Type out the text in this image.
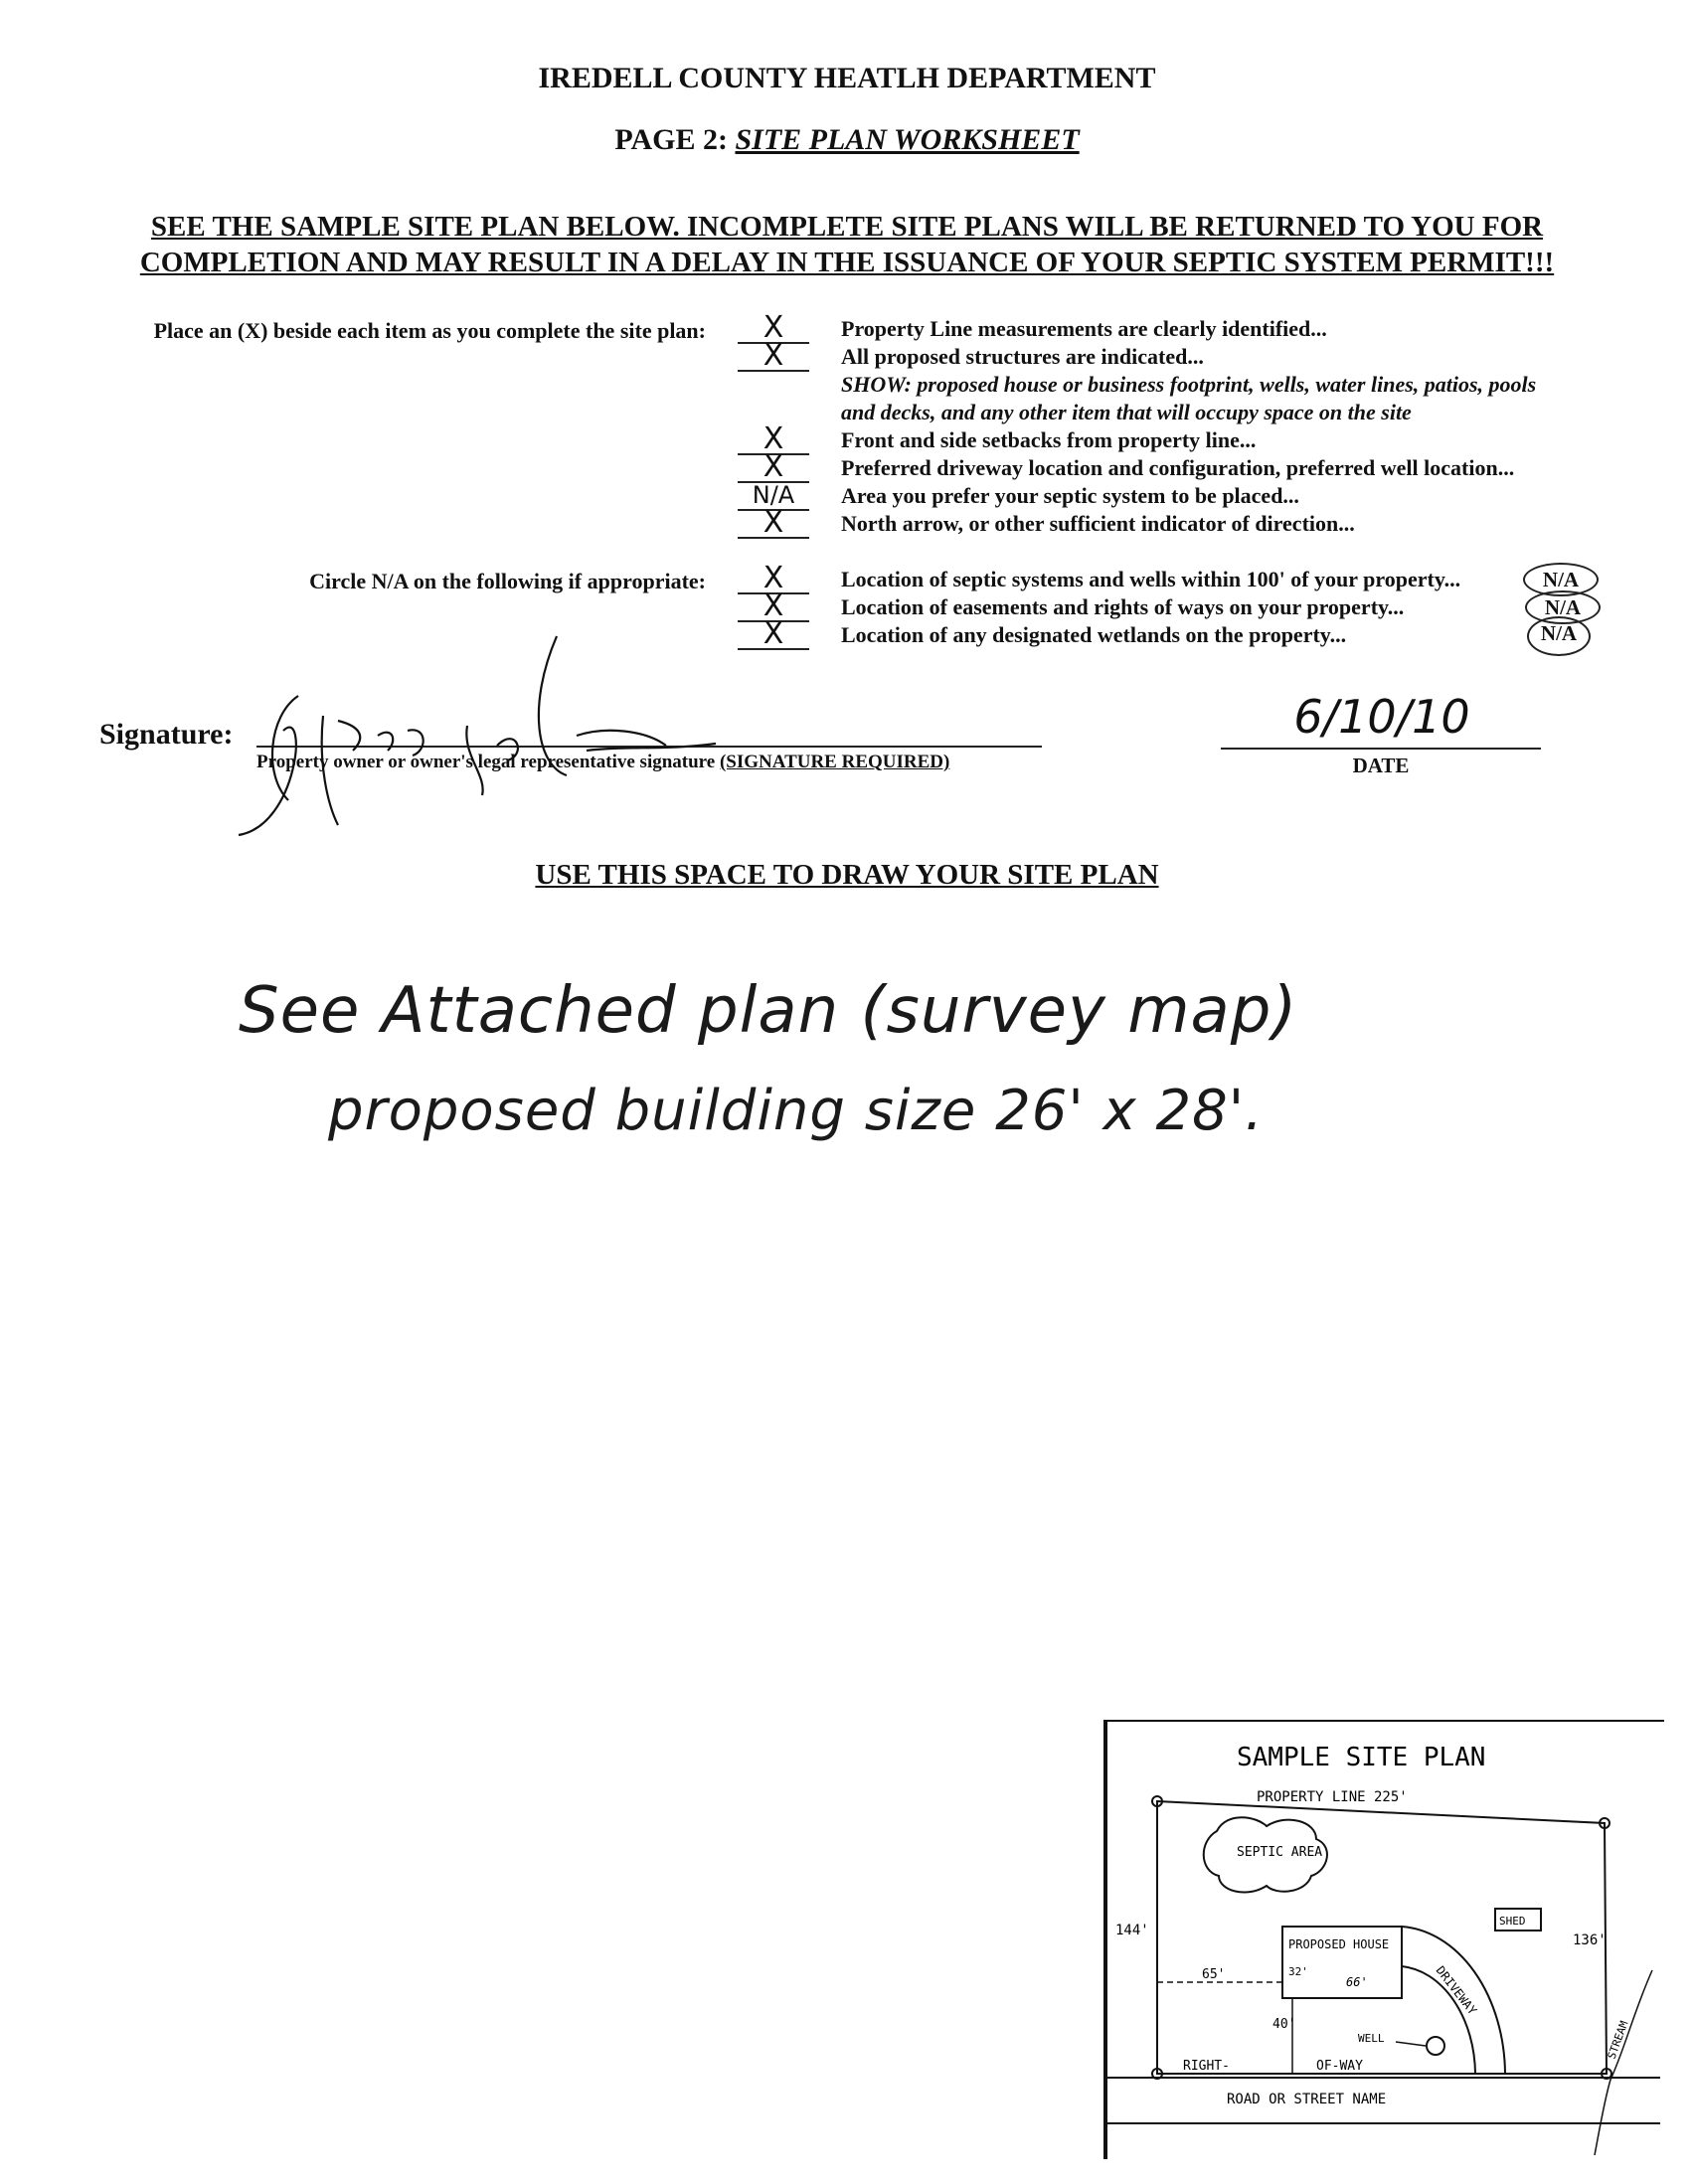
IREDELL COUNTY HEATLH DEPARTMENT
PAGE 2: SITE PLAN WORKSHEET
SEE THE SAMPLE SITE PLAN BELOW. INCOMPLETE SITE PLANS WILL BE RETURNED TO YOU FOR
COMPLETION AND MAY RESULT IN A DELAY IN THE ISSUANCE OF YOUR SEPTIC SYSTEM PERMIT!!!
Place an (X) beside each item as you complete the site plan:	X	Property Line measurements are clearly identified...
X	All proposed structures are indicated...
SHOW: proposed house or business footprint, wells, water lines, patios, pools
and decks, and any other item that will occupy space on the site
X	Front and side setbacks from property line...
X	Preferred driveway location and configuration, preferred well location...
N/A	Area you prefer your septic system to be placed...
X	North arrow, or other sufficient indicator of direction...
Circle N/A on the following if appropriate:	X	Location of septic systems and wells within 100' of your property...	N/A
X	Location of easements and rights of ways on your property...	N/A
X	Location of any designated wetlands on the property...	N/A
Signature:
Property owner or owner's legal representative signature (SIGNATURE REQUIRED)
6/10/10
DATE
USE THIS SPACE TO DRAW YOUR SITE PLAN
See Attached plan (survey map)
proposed building size 26' x 28'.
SAMPLE SITE PLAN
PROPERTY LINE 225'
SEPTIC AREA
SHED
PROPOSED HOUSE
66'
32'
144'
136'
65'
40'
DRIVEWAY
WELL
RIGHT-	OF-WAY
ROAD OR STREET NAME
STREAM
